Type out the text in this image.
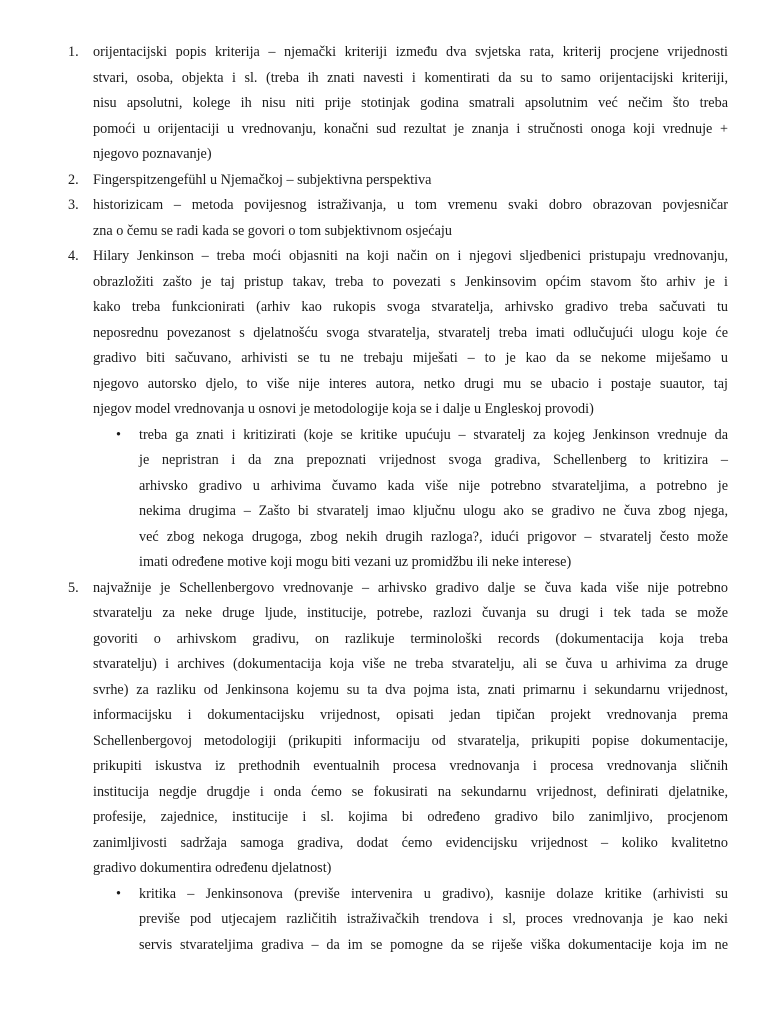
1. orijentacijski popis kriterija – njemački kriteriji između dva svjetska rata, kriterij procjene vrijednosti
stvari, osoba, objekta i sl. (treba ih znati navesti i komentirati da su to samo orijentacijski kriteriji,
nisu apsolutni, kolege ih nisu niti prije stotinjak godina smatrali apsolutnim već nečim što treba
pomoći u orijentaciji u vrednovanju, konačni sud rezultat je znanja i stručnosti onoga koji vrednuje +
njegovo poznavanje)
2. Fingerspitzengefühl u Njemačkoj – subjektivna perspektiva
3. historizicam – metoda povijesnog istraživanja, u tom vremenu svaki dobro obrazovan povjesničar
zna o čemu se radi kada se govori o tom subjektivnom osjećaju
4. Hilary Jenkinson – treba moći objasniti na koji način on i njegovi sljedbenici pristupaju vrednovanju,
obrazložiti zašto je taj pristup takav, treba to povezati s Jenkinsovim općim stavom što arhiv je i
kako treba funkcionirati (arhiv kao rukopis svoga stvaratelja, arhivsko gradivo treba sačuvati tu
neposrednu povezanost s djelatnošću svoga stvaratelja, stvaratelj treba imati odlučujući ulogu koje će
gradivo biti sačuvano, arhivisti se tu ne trebaju miješati – to je kao da se nekome miješamo u
njegovo autorsko djelo, to više nije interes autora, netko drugi mu se ubacio i postaje suautor, taj
njegov model vrednovanja u osnovi je metodologije koja se i dalje u Engleskoj provodi)
• treba ga znati i kritizirati (koje se kritike upućuju – stvaratelj za kojeg Jenkinson vrednuje da
je nepristran i da zna prepoznati vrijednost svoga gradiva, Schellenberg to kritizira –
arhivsko gradivo u arhivima čuvamo kada više nije potrebno stvarateljima, a potrebno je
nekima drugima – Zašto bi stvaratelj imao ključnu ulogu ako se gradivo ne čuva zbog njega,
već zbog nekoga drugoga, zbog nekih drugih razloga?, idući prigovor – stvaratelj često može
imati određene motive koji mogu biti vezani uz promidžbu ili neke interese)
5. najvažnije je Schellenbergovo vrednovanje – arhivsko gradivo dalje se čuva kada više nije potrebno
stvaratelju za neke druge ljude, institucije, potrebe, razlozi čuvanja su drugi i tek tada se može
govoriti o arhivskom gradivu, on razlikuje terminološki records (dokumentacija koja treba
stvaratelju) i archives (dokumentacija koja više ne treba stvaratelju, ali se čuva u arhivima za druge
svrhe) za razliku od Jenkinsona kojemu su ta dva pojma ista, znati primarnu i sekundarnu vrijednost,
informacijsku i dokumentacijsku vrijednost, opisati jedan tipičan projekt vrednovanja prema
Schellenbergovoj metodologiji (prikupiti informaciju od stvaratelja, prikupiti popise dokumentacije,
prikupiti iskustva iz prethodnih eventualnih procesa vrednovanja i procesa vrednovanja sličnih
institucija negdje drugdje i onda ćemo se fokusirati na sekundarnu vrijednost, definirati djelatnike,
profesije, zajednice, institucije i sl. kojima bi određeno gradivo bilo zanimljivo, procjenom
zanimljivosti sadržaja samoga gradiva, dodat ćemo evidencijsku vrijednost – koliko kvalitetno
gradivo dokumentira određenu djelatnost)
• kritika – Jenkinsonova (previše intervenira u gradivo), kasnije dolaze kritike (arhivisti su
previše pod utjecajem različitih istraživačkih trendova i sl, proces vrednovanja je kao neki
servis stvarateljima gradiva – da im se pomogne da se riješe viška dokumentacije koja im ne
